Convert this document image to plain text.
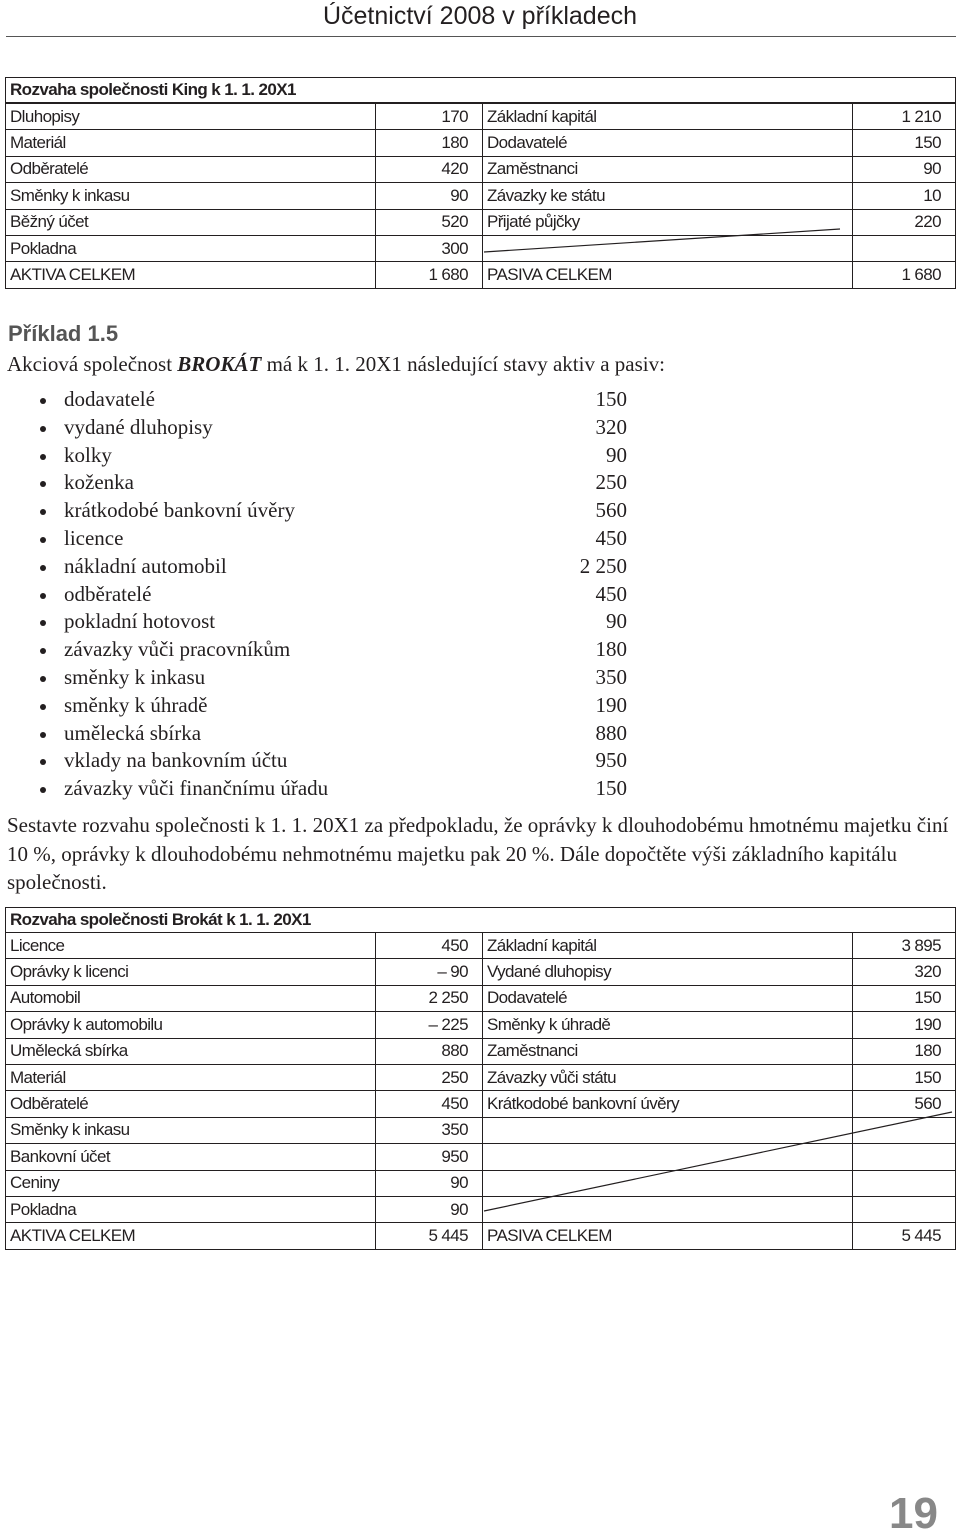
Účetnictví 2008 v příkladech
Rozvaha společnosti King k 1. 1. 20X1
Dluhopisy	170	Základní kapitál	1 210
Materiál	180	Dodavatelé	150
Odběratelé	420	Zaměstnanci	90
Směnky k inkasu	90	Závazky ke státu	10
Běžný účet	520	Přijaté půjčky	220
Pokladna	300		
AKTIVA CELKEM	1 680	PASIVA CELKEM	1 680
Příklad 1.5
Akciová společnost BROKÁT má k 1. 1. 20X1 následující stavy aktiv a pasiv:
dodavatelé	150
vydané dluhopisy	320
kolky	90
koženka	250
krátkodobé bankovní úvěry	560
licence	450
nákladní automobil	2 250
odběratelé	450
pokladní hotovost	90
závazky vůči pracovníkům	180
směnky k inkasu	350
směnky k úhradě	190
umělecká sbírka	880
vklady na bankovním účtu	950
závazky vůči finančnímu úřadu	150
Sestavte rozvahu společnosti k 1. 1. 20X1 za předpokladu, že oprávky k dlouhodobému hmotnému majetku činí 10 %, oprávky k dlouhodobému nehmotnému majetku pak 20 %. Dále dopočtěte výši základního kapitálu společnosti.
Rozvaha společnosti Brokát k 1. 1. 20X1
Licence	450	Základní kapitál	3 895
Oprávky k licenci	– 90	Vydané dluhopisy	320
Automobil	2 250	Dodavatelé	150
Oprávky k automobilu	– 225	Směnky k úhradě	190
Umělecká sbírka	880	Zaměstnanci	180
Materiál	250	Závazky vůči státu	150
Odběratelé	450	Krátkodobé bankovní úvěry	560
Směnky k inkasu	350		
Bankovní účet	950		
Ceniny	90		
Pokladna	90		
AKTIVA CELKEM	5 445	PASIVA CELKEM	5 445
19
